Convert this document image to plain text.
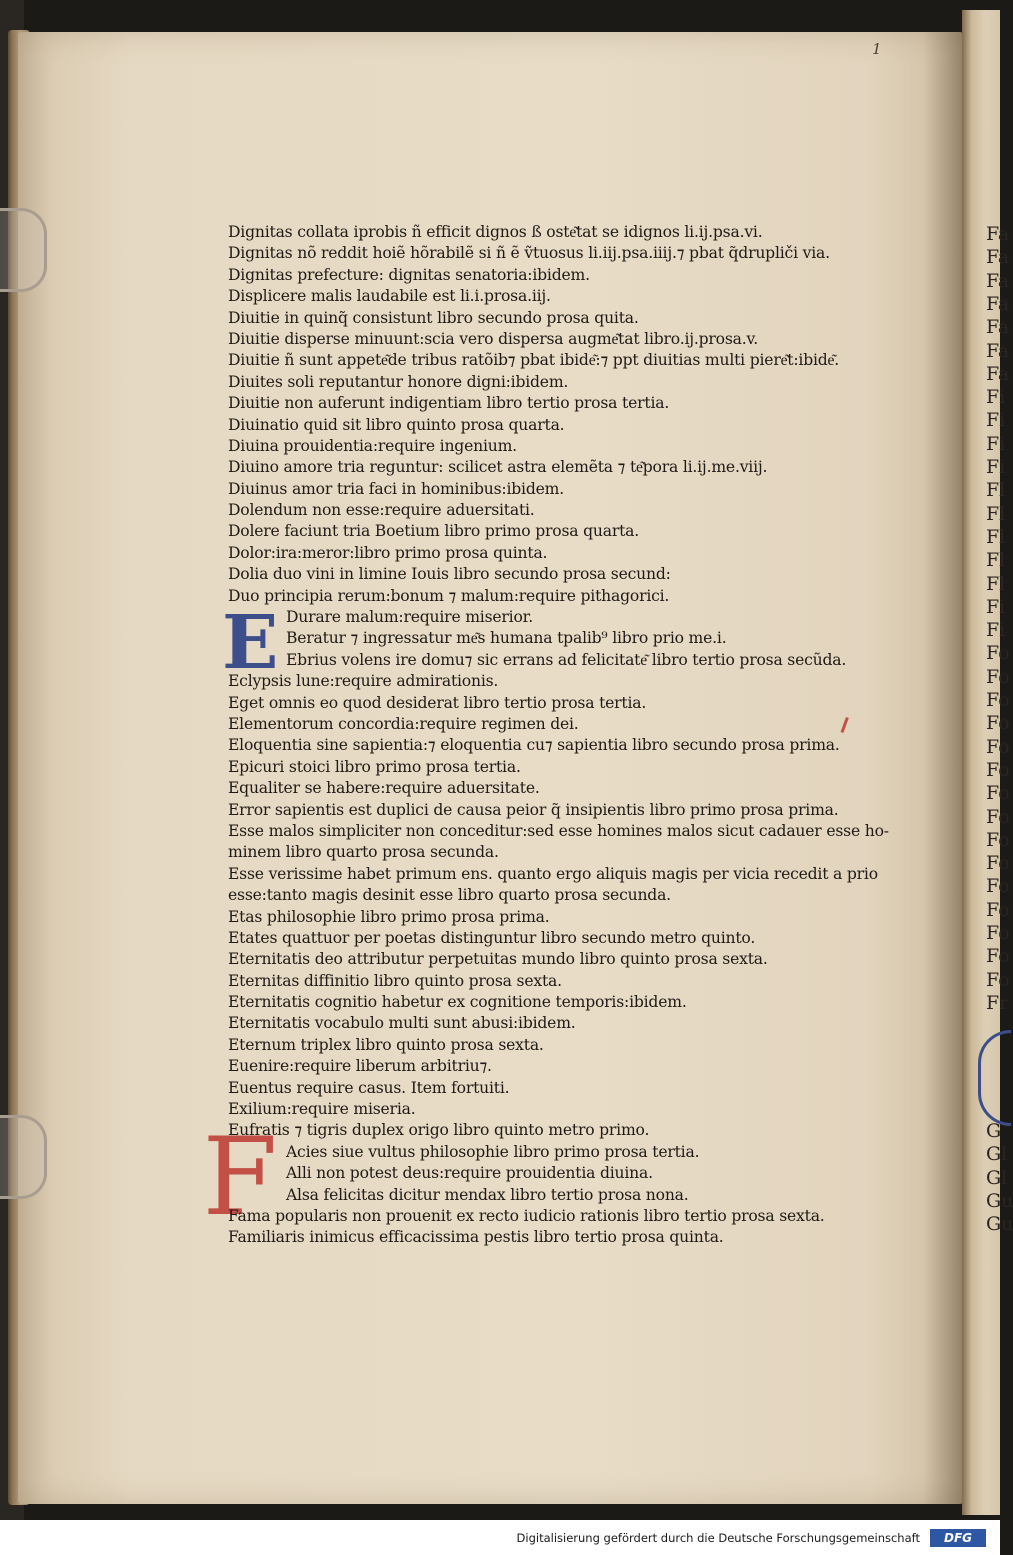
Fa
Fa
Fa
Fa
Fa
Fa
Fa
Fi
Fi
Fi
Fi
Fl
Fl
Fl
Fl
Fl
Fi
Fi
Fo
Fo
Fo
Fo
Fo
Fo
Fo
Fo
Fo
Fo
Fo
Fo
Fo
Fo
Fo
Fr
G
Gl
Gl
Gu
Gu
1
E
F
Dignitas collata iprobis ñ efficit dignos ß oste͂tat se idignos li.ij.psa.vi.
Dignitas nõ reddit hoiẽ hõrabilẽ si ñ ẽ ṽtuosus li.iij.psa.iiij.⁊ pbat q̃drupliči via.
Dignitas prefecture: dignitas senatoria:ibidem.
Displicere malis laudabile est li.i.prosa.iij.
Diuitie in quinq̃ consistunt libro secundo prosa quita.
Diuitie disperse minuunt:scia vero dispersa augme͂tat libro.ij.prosa.v.
Diuitie ñ sunt appete͂de tribus ratõib⁊ pbat ibide͂:⁊ ppt diuitias multi piere͂t:ibide͂.
Diuites soli reputantur honore digni:ibidem.
Diuitie non auferunt indigentiam libro tertio prosa tertia.
Diuinatio quid sit libro quinto prosa quarta.
Diuina prouidentia:require ingenium.
Diuino amore tria reguntur: scilicet astra elemẽta ⁊ te͂pora li.ij.me.viij.
Diuinus amor tria faci in hominibus:ibidem.
Dolendum non esse:require aduersitati.
Dolere faciunt tria Boetium libro primo prosa quarta.
Dolor:ira:meror:libro primo prosa quinta.
Dolia duo vini in limine Iouis libro secundo prosa secund:
Duo principia rerum:bonum ⁊ malum:require pithagorici.
Durare malum:require miserior.
Beratur ⁊ ingressatur me͂s humana tpalib⁹ libro prio me.i.
Ebrius volens ire domu⁊ sic errans ad felicitate͂ libro tertio prosa secũda.
Eclypsis lune:require admirationis.
Eget omnis eo quod desiderat libro tertio prosa tertia.
Elementorum concordia:require regimen dei.
Eloquentia sine sapientia:⁊ eloquentia cu⁊ sapientia libro secundo prosa prima.
Epicuri stoici libro primo prosa tertia.
Equaliter se habere:require aduersitate.
Error sapientis est duplici de causa peior q̃ insipientis libro primo prosa prima.
Esse malos simpliciter non conceditur:sed esse homines malos sicut cadauer esse ho-
minem libro quarto prosa secunda.
Esse verissime habet primum ens. quanto ergo aliquis magis per vicia recedit a prio
esse:tanto magis desinit esse libro quarto prosa secunda.
Etas philosophie libro primo prosa prima.
Etates quattuor per poetas distinguntur libro secundo metro quinto.
Eternitatis deo attributur perpetuitas mundo libro quinto prosa sexta.
Eternitas diffinitio libro quinto prosa sexta.
Eternitatis cognitio habetur ex cognitione temporis:ibidem.
Eternitatis vocabulo multi sunt abusi:ibidem.
Eternum triplex libro quinto prosa sexta.
Euenire:require liberum arbitriu⁊.
Euentus require casus. Item fortuiti.
Exilium:require miseria.
Eufratis ⁊ tigris duplex origo libro quinto metro primo.
Acies siue vultus philosophie libro primo prosa tertia.
Alli non potest deus:require prouidentia diuina.
Alsa felicitas dicitur mendax libro tertio prosa nona.
Fama popularis non prouenit ex recto iudicio rationis libro tertio prosa sexta.
Familiaris inimicus efficacissima pestis libro tertio prosa quinta.
Digitalisierung gefördert durch die Deutsche Forschungsgemeinschaft	DFG
